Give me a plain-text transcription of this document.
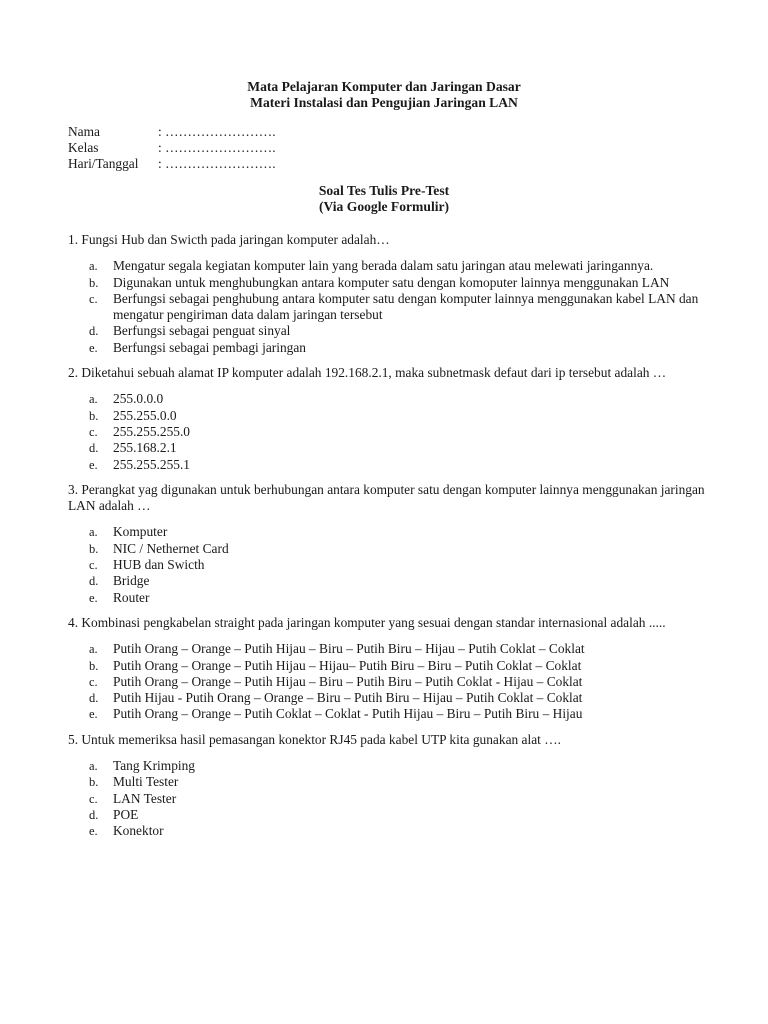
Mata Pelajaran Komputer dan Jaringan Dasar
Materi Instalasi dan Pengujian Jaringan LAN
Nama	: …………………….
Kelas	: …………………….
Hari/Tanggal	: …………………….
Soal Tes Tulis Pre-Test
(Via Google Formulir)

1. Fungsi Hub dan Swicth pada jaringan komputer adalah…

a.	Mengatur segala kegiatan komputer lain yang berada dalam satu jaringan atau melewati jaringannya.
b.	Digunakan untuk menghubungkan antara komputer satu dengan komoputer lainnya menggunakan LAN
c.	Berfungsi sebagai penghubung antara komputer satu dengan komputer lainnya menggunakan kabel LAN dan mengatur pengiriman data dalam jaringan tersebut
d.	Berfungsi sebagai penguat sinyal
e.	Berfungsi sebagai pembagi jaringan

2. Diketahui sebuah alamat IP komputer adalah 192.168.2.1, maka subnetmask defaut dari ip tersebut adalah …

a.	255.0.0.0
b.	255.255.0.0
c.	255.255.255.0
d.	255.168.2.1
e.	255.255.255.1

3. Perangkat yag digunakan untuk berhubungan antara komputer satu dengan komputer lainnya menggunakan jaringan LAN adalah …

a.	Komputer
b.	NIC / Nethernet Card
c.	HUB dan Swicth
d.	Bridge
e.	Router

4. Kombinasi pengkabelan straight pada jaringan komputer yang sesuai dengan standar internasional adalah .....

a.	Putih Orang – Orange – Putih Hijau – Biru – Putih Biru – Hijau – Putih Coklat – Coklat
b.	Putih Orang – Orange – Putih Hijau – Hijau– Putih Biru – Biru – Putih Coklat – Coklat
c.	Putih Orang – Orange – Putih Hijau – Biru – Putih Biru – Putih Coklat - Hijau – Coklat
d.	Putih Hijau - Putih Orang – Orange – Biru – Putih Biru – Hijau – Putih Coklat – Coklat
e.	Putih Orang – Orange – Putih Coklat – Coklat - Putih Hijau – Biru – Putih Biru – Hijau

5. Untuk memeriksa hasil pemasangan konektor RJ45 pada kabel UTP kita gunakan alat ….

a.	Tang Krimping
b.	Multi Tester
c.	LAN Tester
d.	POE
e.	Konektor
